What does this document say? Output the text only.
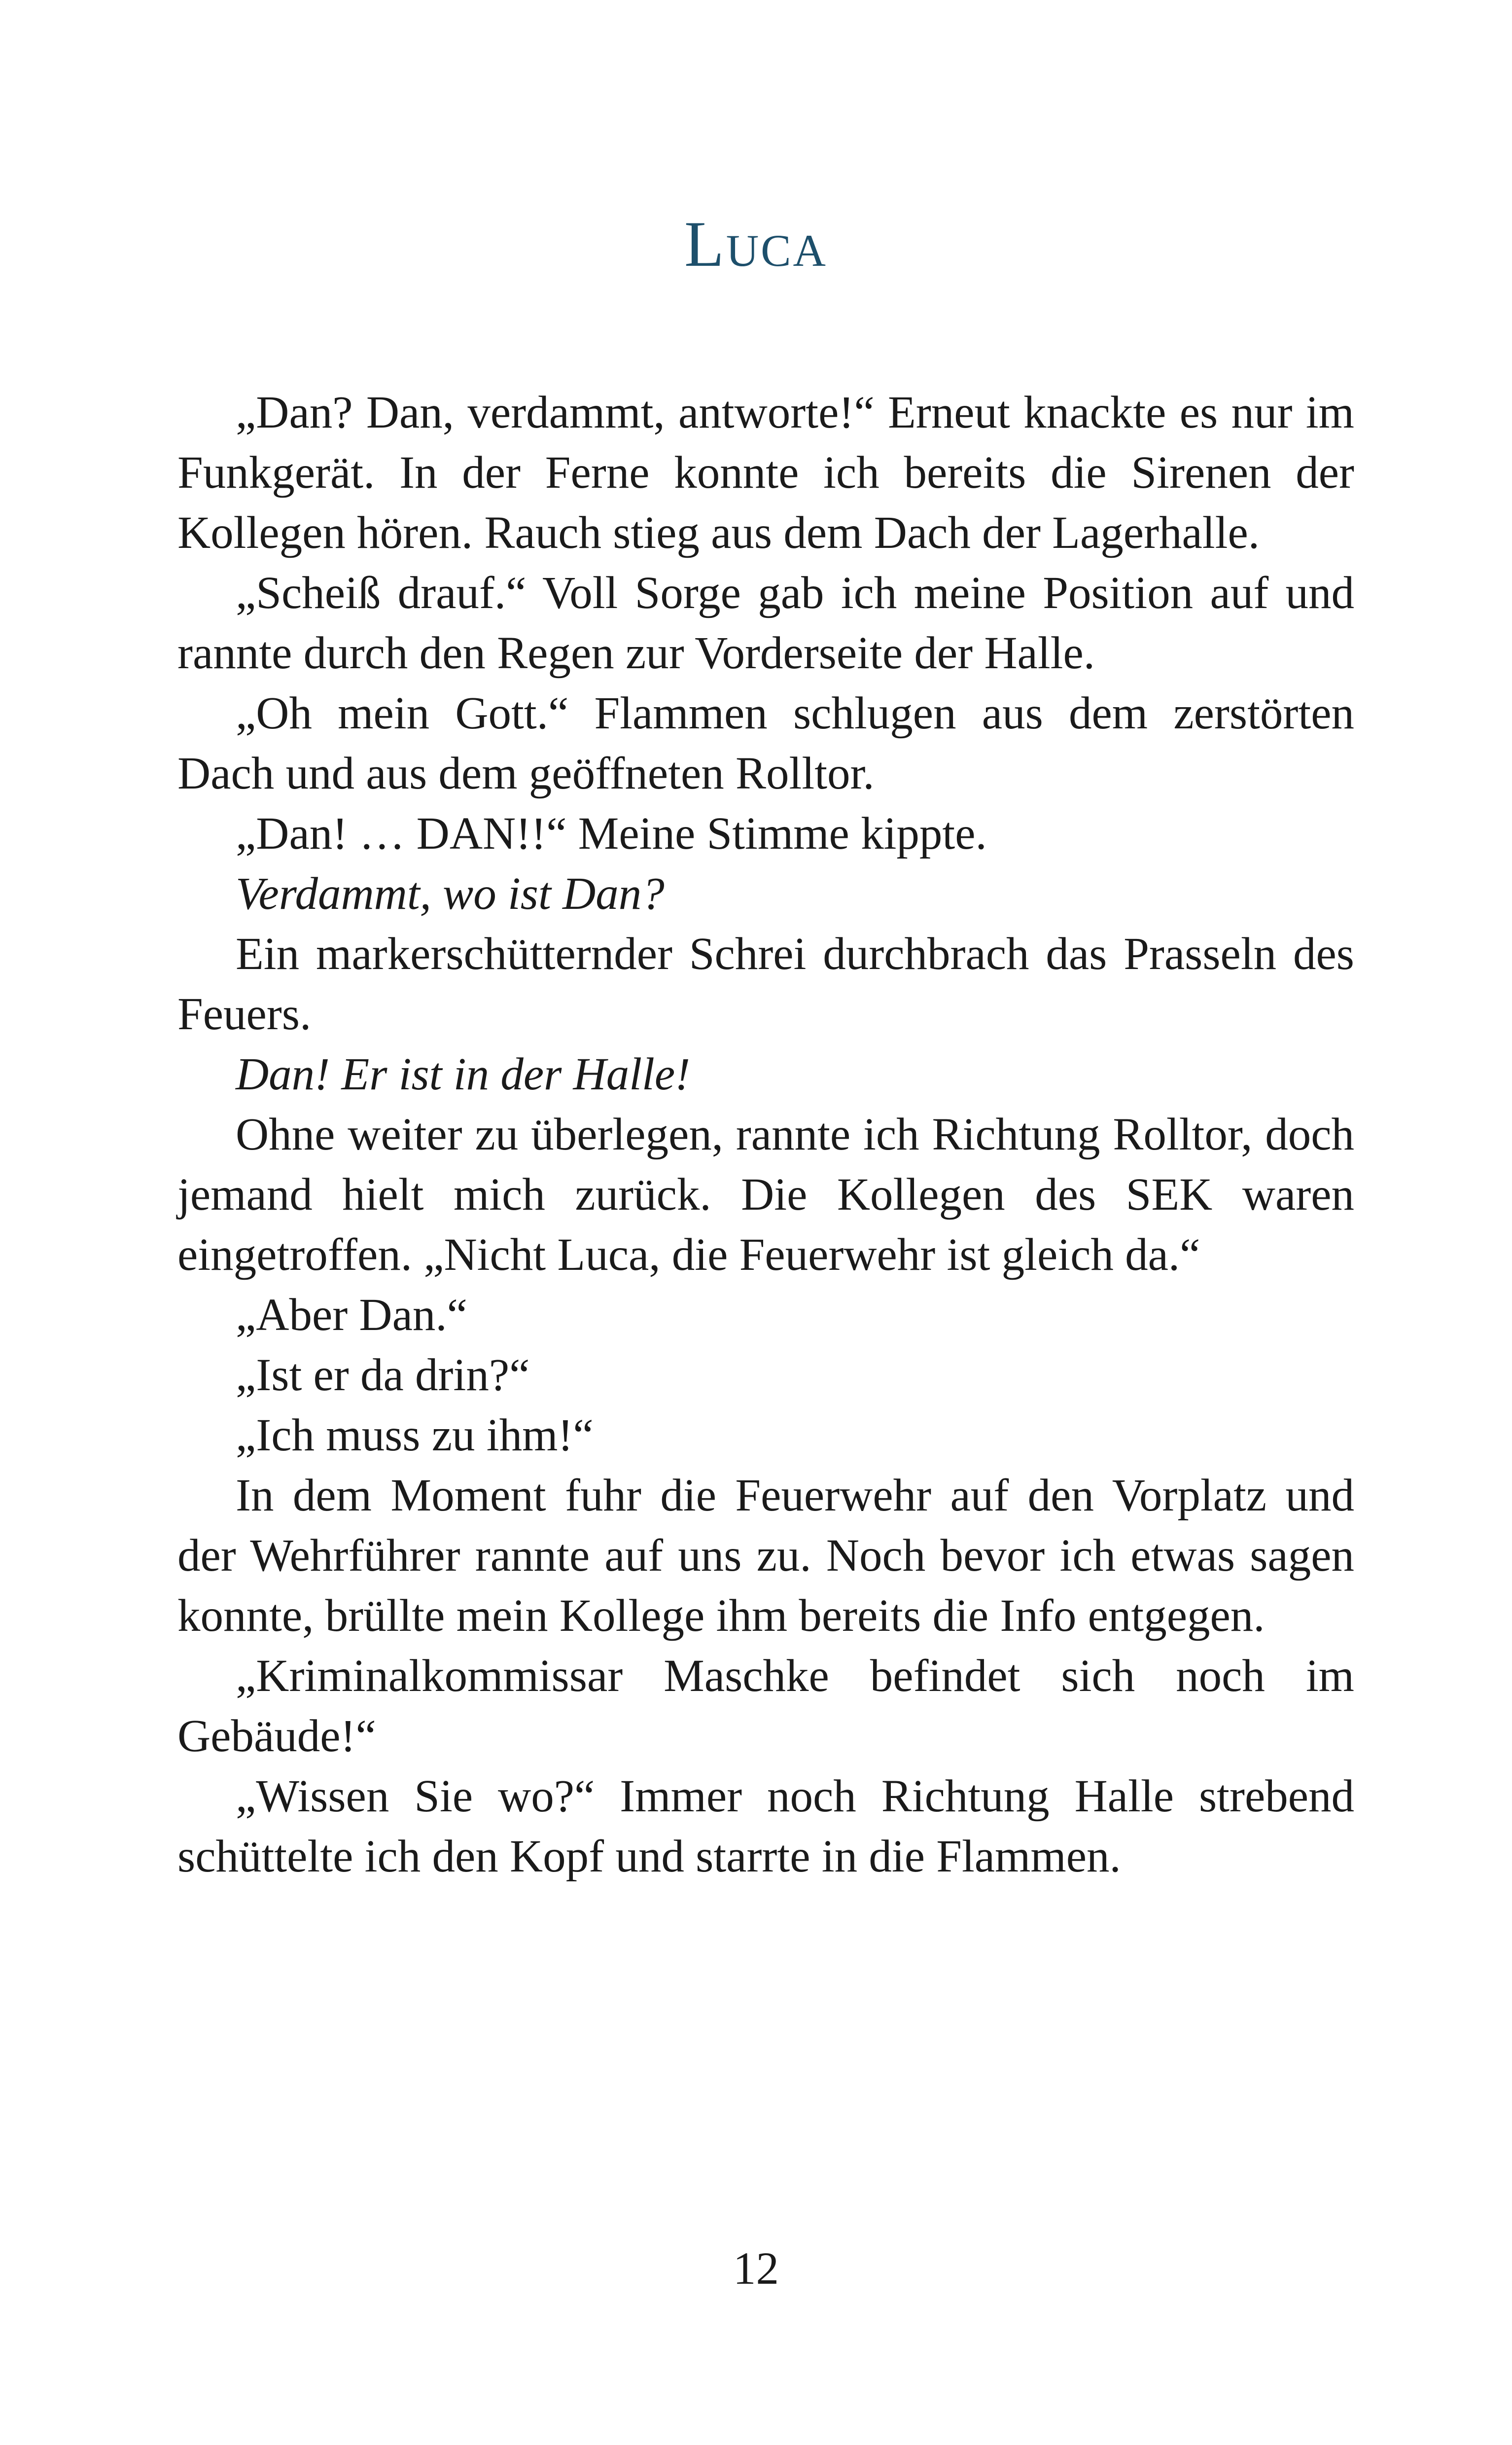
Luca

„Dan? Dan, verdammt, antworte!“ Erneut knackte es nur im Funkgerät. In der Ferne konnte ich bereits die Sirenen der Kollegen hören. Rauch stieg aus dem Dach der Lagerhalle.

„Scheiß drauf.“ Voll Sorge gab ich meine Position auf und rannte durch den Regen zur Vorderseite der Halle.

„Oh mein Gott.“ Flammen schlugen aus dem zerstörten Dach und aus dem geöffneten Rolltor.

„Dan! … DAN!!“ Meine Stimme kippte.

Verdammt, wo ist Dan?

Ein markerschütternder Schrei durchbrach das Prasseln des Feuers.

Dan! Er ist in der Halle!

Ohne weiter zu überlegen, rannte ich Richtung Rolltor, doch jemand hielt mich zurück. Die Kollegen des SEK waren eingetroffen. „Nicht Luca, die Feuerwehr ist gleich da.“

„Aber Dan.“

„Ist er da drin?“

„Ich muss zu ihm!“

In dem Moment fuhr die Feuerwehr auf den Vorplatz und der Wehrführer rannte auf uns zu. Noch bevor ich etwas sagen konnte, brüllte mein Kollege ihm bereits die Info entgegen.

„Kriminalkommissar Maschke befindet sich noch im Gebäude!“

„Wissen Sie wo?“ Immer noch Richtung Halle strebend schüttelte ich den Kopf und starrte in die Flammen.

12
